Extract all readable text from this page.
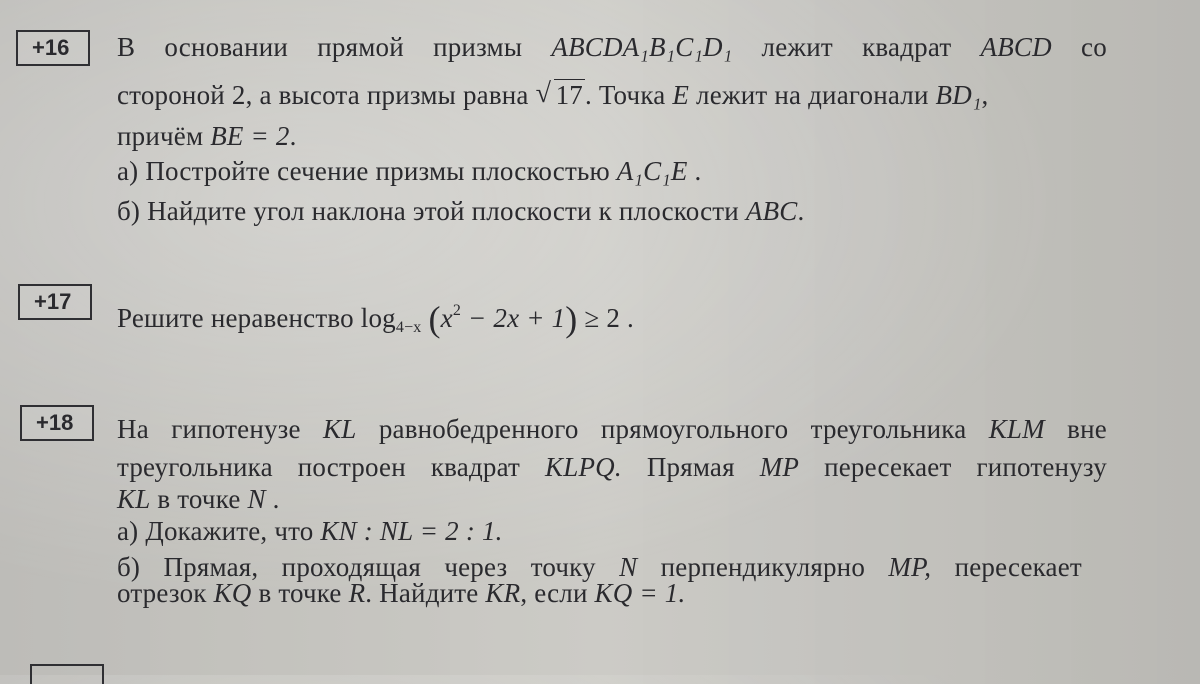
+16	В основании прямой призмы ABCDA₁B₁C₁D₁ лежит квадрат ABCD со
стороной 2, а высота призмы равна √ 17. Точка E лежит на диагонали BD₁,
причём BE = 2.
а) Постройте сечение призмы плоскостью A₁C₁E .
б) Найдите угол наклона этой плоскости к плоскости ABC.
+17
Решите неравенство $\log_{4-x} (x^2 - 2x + 1) \ge 2$ .
+18	На гипотенузе KL равнобедренного прямоугольного треугольника KLM вне
треугольника построен квадрат KLPQ. Прямая MP пересекает гипотенузу
KL в точке N .
а) Докажите, что KN : NL = 2 : 1.
б) Прямая, проходящая через точку N перпендикулярно MP, пересекает
отрезок KQ в точке R. Найдите KR, если KQ = 1.
